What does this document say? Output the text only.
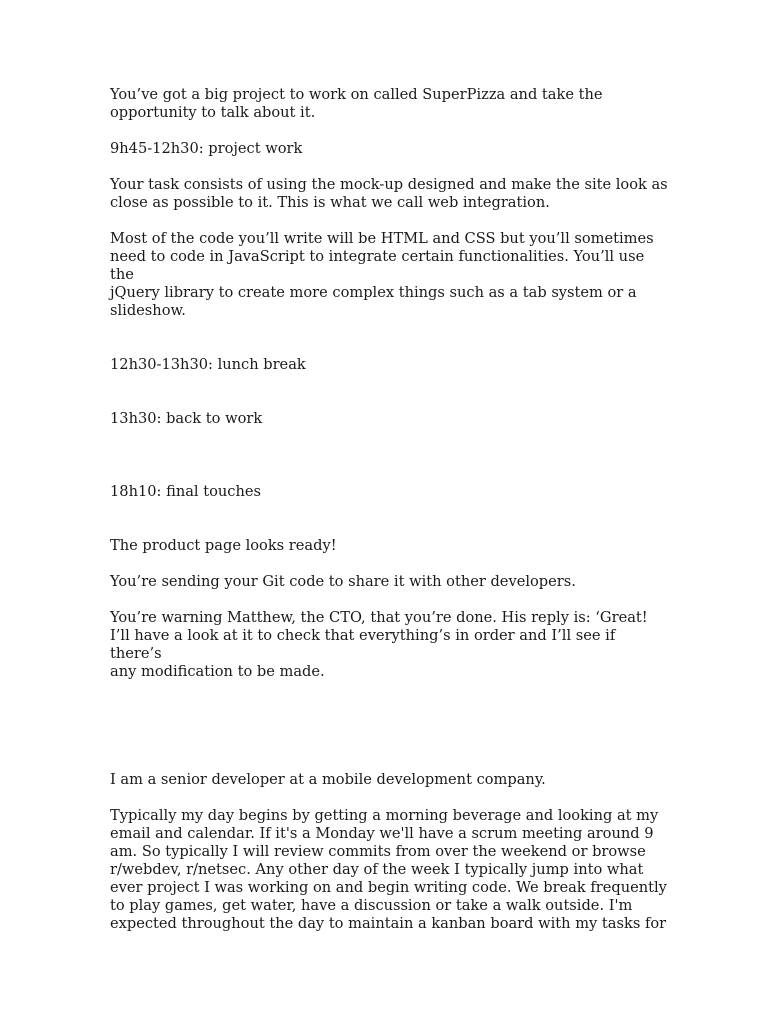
You’ve got a big project to work on called SuperPizza and take the
opportunity to talk about it.

9h45-12h30: project work

Your task consists of using the mock-up designed and make the site look as
close as possible to it. This is what we call web integration.

Most of the code you’ll write will be HTML and CSS but you’ll sometimes
need to code in JavaScript to integrate certain functionalities. You’ll use the
jQuery library to create more complex things such as a tab system or a
slideshow.

12h30-13h30: lunch break

13h30: back to work

18h10: final touches

The product page looks ready!

You’re sending your Git code to share it with other developers.

You’re warning Matthew, the CTO, that you’re done. His reply is: ‘Great!
I’ll have a look at it to check that everything’s in order and I’ll see if there’s
any modification to be made.

I am a senior developer at a mobile development company.

Typically my day begins by getting a morning beverage and looking at my
email and calendar. If it's a Monday we'll have a scrum meeting around 9
am. So typically I will review commits from over the weekend or browse
r/webdev, r/netsec. Any other day of the week I typically jump into what
ever project I was working on and begin writing code. We break frequently
to play games, get water, have a discussion or take a walk outside. I'm
expected throughout the day to maintain a kanban board with my tasks for
